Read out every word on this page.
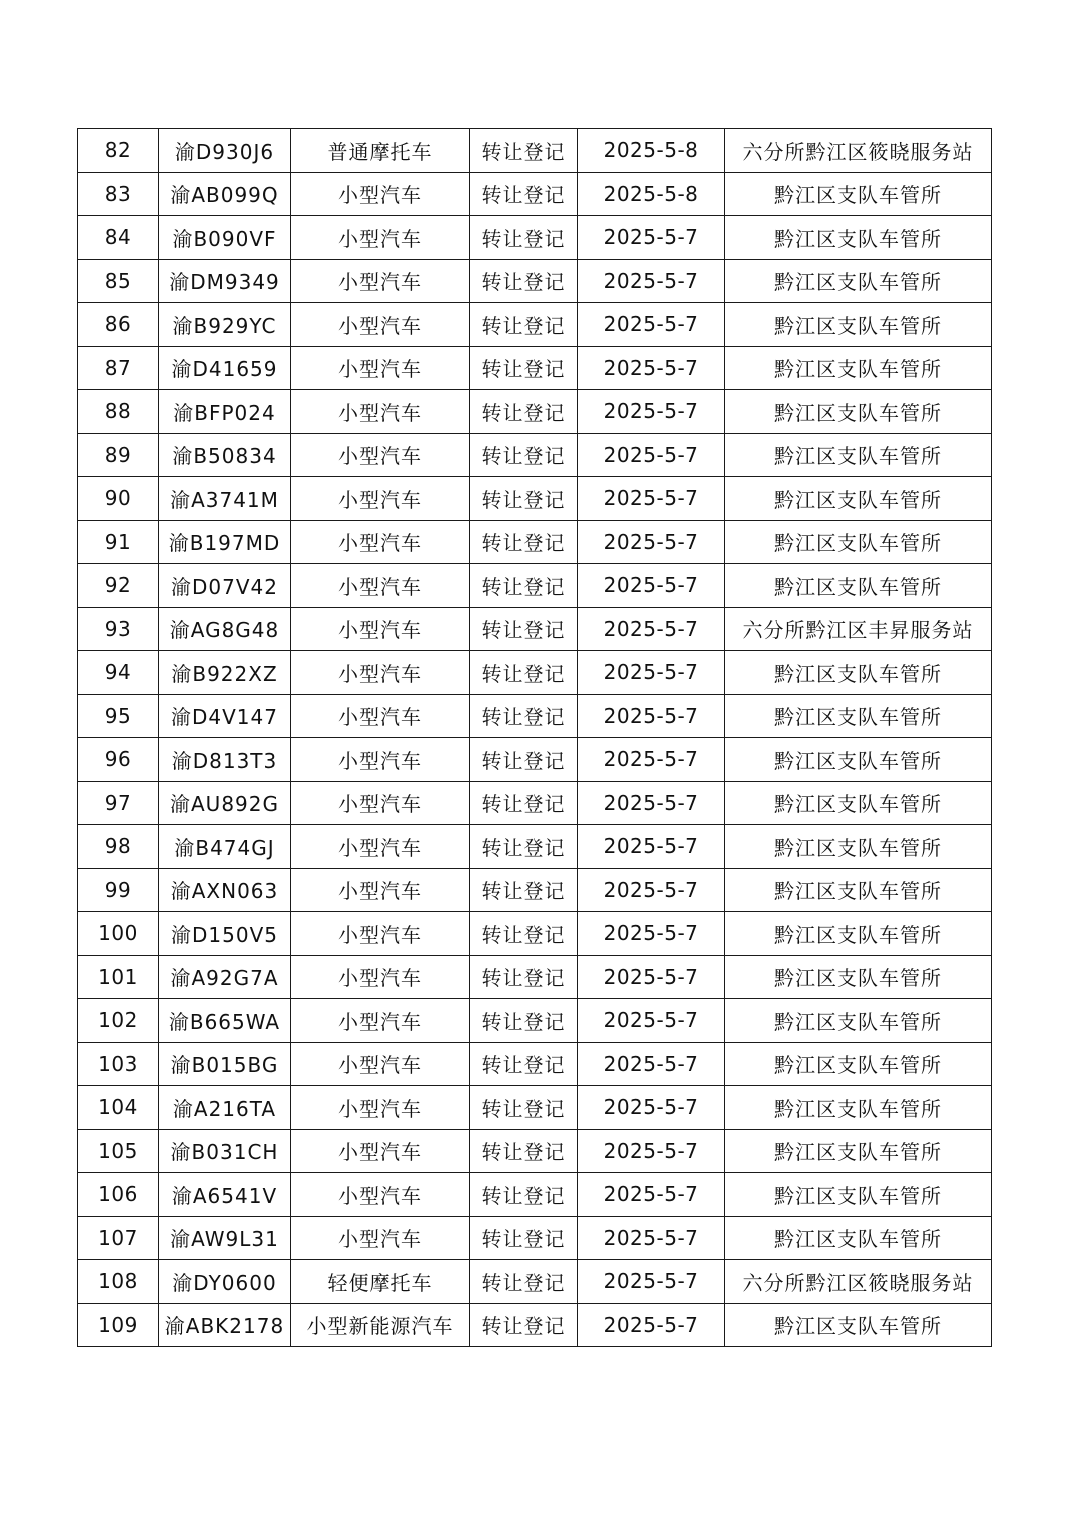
82	渝D930J6	普通摩托车	转让登记	2025-5-8	六分所黔江区筱晓服务站
83	渝AB099Q	小型汽车	转让登记	2025-5-8	黔江区支队车管所
84	渝B090VF	小型汽车	转让登记	2025-5-7	黔江区支队车管所
85	渝DM9349	小型汽车	转让登记	2025-5-7	黔江区支队车管所
86	渝B929YC	小型汽车	转让登记	2025-5-7	黔江区支队车管所
87	渝D41659	小型汽车	转让登记	2025-5-7	黔江区支队车管所
88	渝BFP024	小型汽车	转让登记	2025-5-7	黔江区支队车管所
89	渝B50834	小型汽车	转让登记	2025-5-7	黔江区支队车管所
90	渝A3741M	小型汽车	转让登记	2025-5-7	黔江区支队车管所
91	渝B197MD	小型汽车	转让登记	2025-5-7	黔江区支队车管所
92	渝D07V42	小型汽车	转让登记	2025-5-7	黔江区支队车管所
93	渝AG8G48	小型汽车	转让登记	2025-5-7	六分所黔江区丰昇服务站
94	渝B922XZ	小型汽车	转让登记	2025-5-7	黔江区支队车管所
95	渝D4V147	小型汽车	转让登记	2025-5-7	黔江区支队车管所
96	渝D813T3	小型汽车	转让登记	2025-5-7	黔江区支队车管所
97	渝AU892G	小型汽车	转让登记	2025-5-7	黔江区支队车管所
98	渝B474GJ	小型汽车	转让登记	2025-5-7	黔江区支队车管所
99	渝AXN063	小型汽车	转让登记	2025-5-7	黔江区支队车管所
100	渝D150V5	小型汽车	转让登记	2025-5-7	黔江区支队车管所
101	渝A92G7A	小型汽车	转让登记	2025-5-7	黔江区支队车管所
102	渝B665WA	小型汽车	转让登记	2025-5-7	黔江区支队车管所
103	渝B015BG	小型汽车	转让登记	2025-5-7	黔江区支队车管所
104	渝A216TA	小型汽车	转让登记	2025-5-7	黔江区支队车管所
105	渝B031CH	小型汽车	转让登记	2025-5-7	黔江区支队车管所
106	渝A6541V	小型汽车	转让登记	2025-5-7	黔江区支队车管所
107	渝AW9L31	小型汽车	转让登记	2025-5-7	黔江区支队车管所
108	渝DY0600	轻便摩托车	转让登记	2025-5-7	六分所黔江区筱晓服务站
109	渝ABK2178	小型新能源汽车	转让登记	2025-5-7	黔江区支队车管所
